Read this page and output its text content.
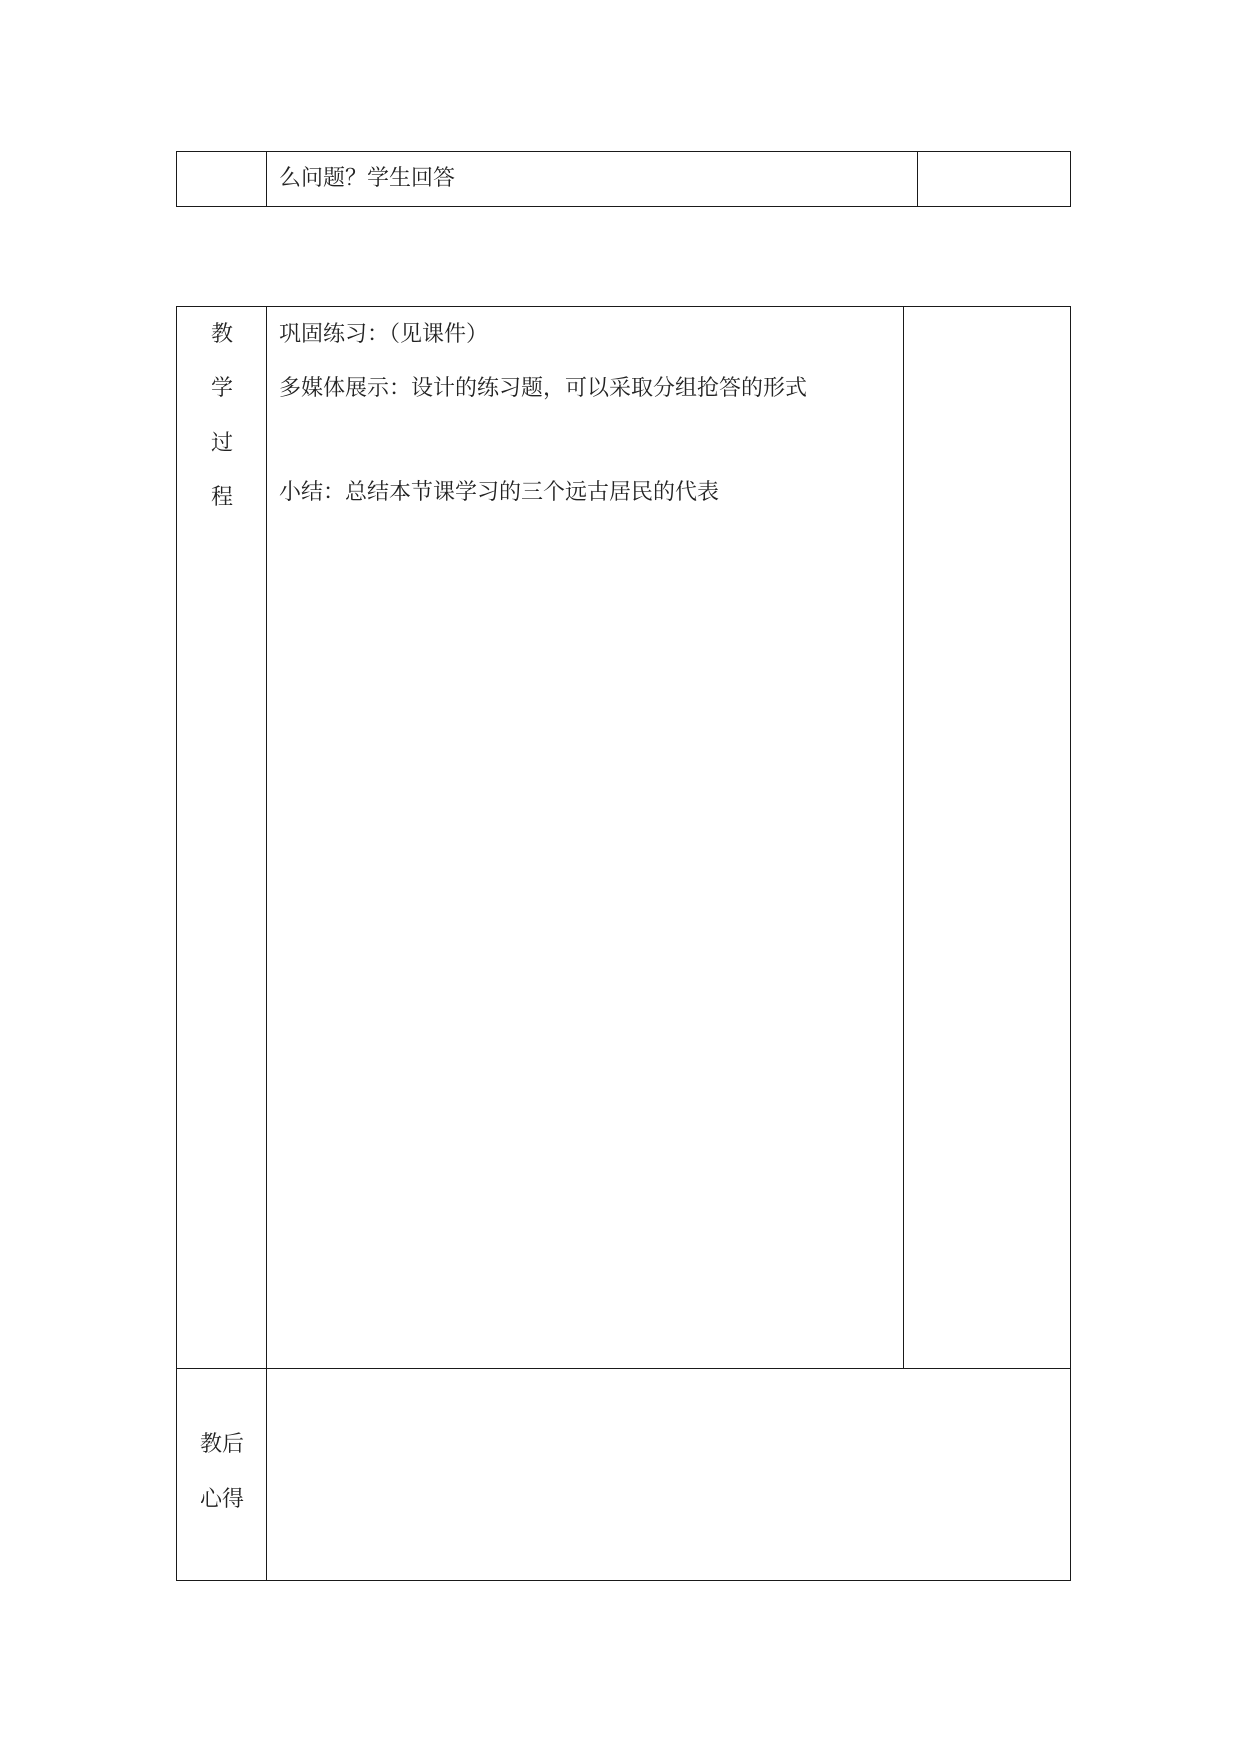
么问题？学生回答
教
学
过
程
巩固练习：（见课件）
多媒体展示：设计的练习题，可以采取分组抢答的形式
小结：总结本节课学习的三个远古居民的代表
教后
心得
